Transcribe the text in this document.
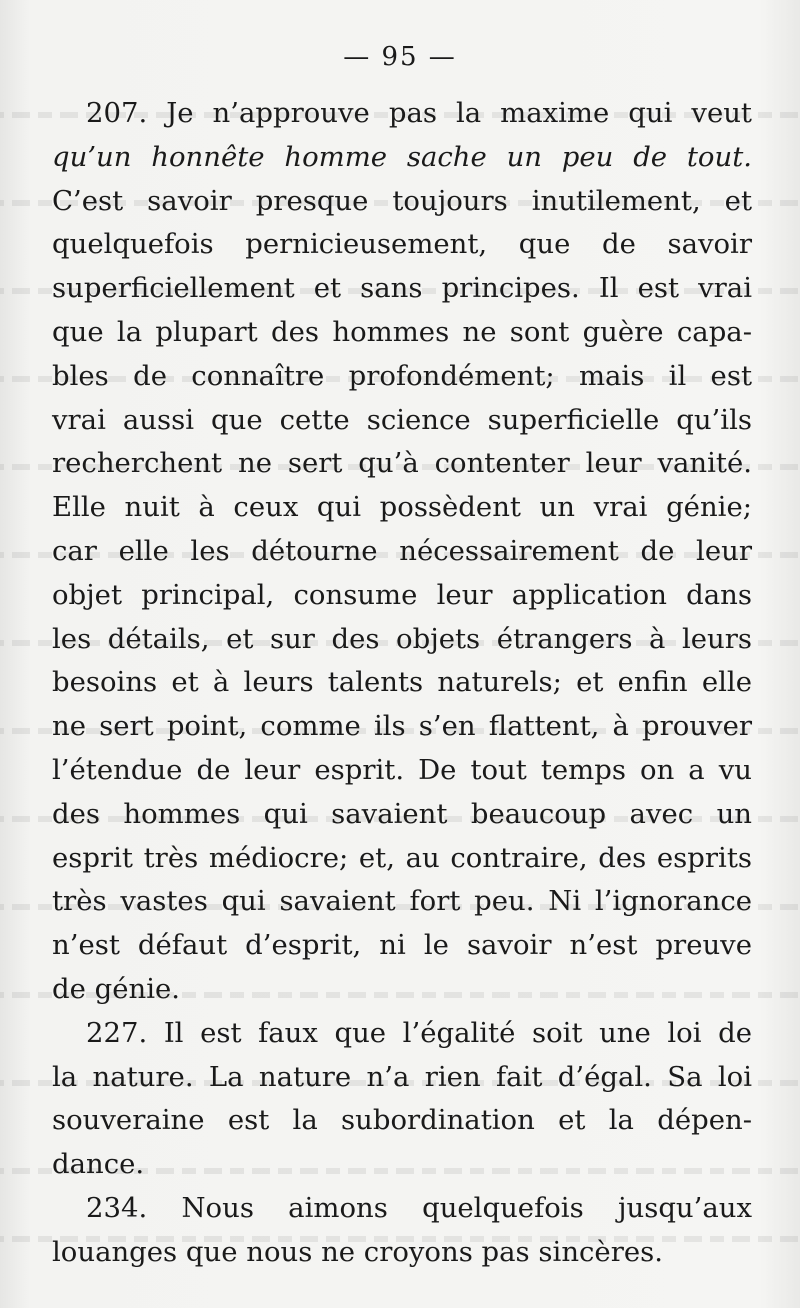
— 95 —
207. Je n’approuve pas la maxime qui veut
qu’un honnête homme sache un peu de tout.
C’est savoir presque toujours inutilement, et
quelquefois pernicieusement, que de savoir
superficiellement et sans principes. Il est vrai
que la plupart des hommes ne sont guère capa-
bles de connaître profondément; mais il est
vrai aussi que cette science superficielle qu’ils
recherchent ne sert qu’à contenter leur vanité.
Elle nuit à ceux qui possèdent un vrai génie;
car elle les détourne nécessairement de leur
objet principal, consume leur application dans
les détails, et sur des objets étrangers à leurs
besoins et à leurs talents naturels; et enfin elle
ne sert point, comme ils s’en flattent, à prouver
l’étendue de leur esprit. De tout temps on a vu
des hommes qui savaient beaucoup avec un
esprit très médiocre; et, au contraire, des esprits
très vastes qui savaient fort peu. Ni l’ignorance
n’est défaut d’esprit, ni le savoir n’est preuve
de génie.
227. Il est faux que l’égalité soit une loi de
la nature. La nature n’a rien fait d’égal. Sa loi
souveraine est la subordination et la dépen-
dance.
234. Nous aimons quelquefois jusqu’aux
louanges que nous ne croyons pas sincères.
